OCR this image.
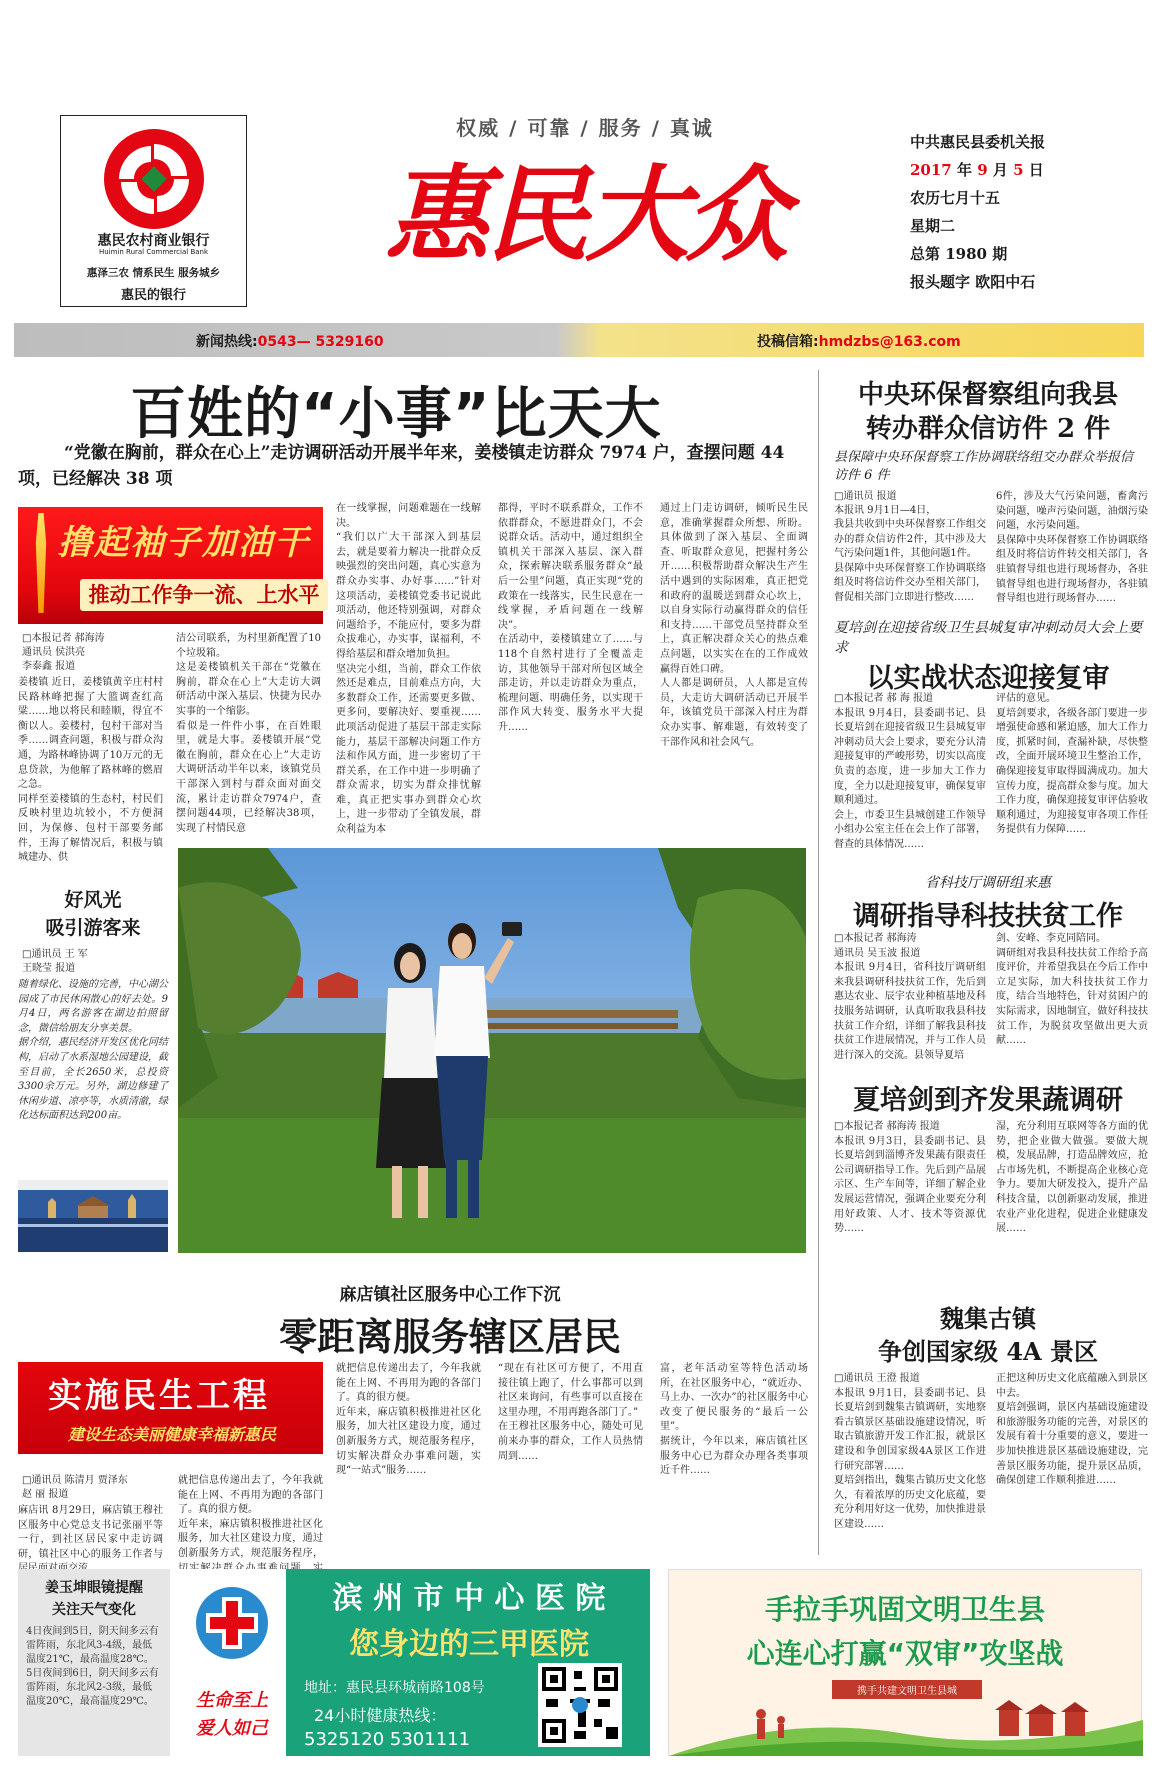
惠民农村商业银行
Huimin Rural Commercial Bank
惠泽三农 情系民生 服务城乡
惠民的银行
权威 / 可靠 / 服务 / 真诚
惠民大众
中共惠民县委机关报
2017 年 9 月 5 日
农历七月十五
星期二
总第 1980 期
报头题字 欧阳中石
新闻热线:0543— 5329160	投稿信箱:hmdzbs@163.com
百姓的“小事”比天大
“党徽在胸前，群众在心上”走访调研活动开展半年来，姜楼镇走访群众 7974 户，查摆问题 44 项，已经解决 38 项
撸起袖子加油干
推动工作争一流、上水平
□本报记者 郝海涛
通讯员 侯洪亮
李泰鑫 报道
姜楼镇 近日，姜楼镇黄辛庄村村民路林峰把握了大篮调查红高粱……地以将民和睦顺，得宜不衡以人。姜楼村，包村干部对当季……调查问题，积极与群众沟通，为路林峰协调了10万元的无息贷款，为他解了路林峰的燃眉之急。
同样至姜楼镇的生态村，村民们反映村里边坑较小，不方便洞回，为保修、包村干部要务邮件，王海了解情况后，积极与镇城建办、供
洁公司联系，为村里新配置了10个垃圾箱。
这是姜楼镇机关干部在“党徽在胸前，群众在心上”大走访大调研活动中深入基层、快捷为民办实事的一个缩影。
看似是一件件小事，在百姓眼里，就是大事。姜楼镇开展“党徽在胸前，群众在心上”大走访大调研活动半年以来，该镇党员干部深入到村与群众面对面交流，累计走访群众7974户，查摆问题44项，已经解决38项，实现了村情民意
在一线掌握，问题难题在一线解决。
“我们以广大干部深入到基层去，就是要着力解决一批群众反映强烈的突出问题，真心实意为群众办实事、办好事……”针对这项活动，姜楼镇党委书记说此项活动，他还特别强调，对群众问题给予，不能应付，要多为群众拔难心，办实事，谋福利，不得给基层和群众增加负担。
坚决完小组，当前，群众工作依然还是难点，目前难点方向，大多数群众工作，还需要更多做、更多问，要解决好、要重视……此项活动促进了基层干部走实际能力，基层干部解决问题工作方法和作风方面，进一步密切了干群关系，在工作中进一步明确了群众需求，切实为群众排忧解难，真正把实事办到群众心坎上，进一步带动了全镇发展，群众利益为本
都得，平时不联系群众，工作不依群群众，不愿进群众门，不会说群众话。活动中，通过组织全镇机关干部深入基层、深入群众，探索解决联系服务群众“最后一公里”问题，真正实现“党的政策在一线落实，民生民意在一线掌握，矛盾问题在一线解决”。
在活动中，姜楼镇建立了……与118个自然村进行了全覆盖走访，其他领导干部对所包区域全部走访，并以走访群众为重点，梳理问题、明确任务，以实现干部作风大转变、服务水平大提升……
通过上门走访调研，倾听民生民意，准确掌握群众所想、所盼。具体做到了深入基层、全面调查、听取群众意见，把握村务公开……积极帮助群众解决生产生活中遇到的实际困难，真正把党和政府的温暖送到群众心坎上，以自身实际行动赢得群众的信任和支持……干部党员坚持群众至上，真正解决群众关心的热点难点问题，以实实在在的工作成效赢得百姓口碑。
人人都是调研员，人人都是宣传员，大走访大调研活动已开展半年，该镇党员干部深入村庄为群众办实事、解难题，有效转变了干部作风和社会风气。
好风光
吸引游客来
□通讯员 王 军
王晓莹 报道
随着绿化、设施的完善，中心湖公园成了市民休闲散心的好去处。9月4日，两名游客在湖边拍照留念，微信给朋友分享美景。
据介绍，惠民经济开发区优化同结构，启动了水系湿地公园建设，截至目前，全长2650米，总投资3300余万元。另外，湖边修建了休闲步道、凉亭等，水质清澈，绿化达标面积达到200亩。
中央环保督察组向我县
转办群众信访件 2 件
县保障中央环保督察工作协调联络组交办群众举报信访件 6 件
□通讯员 报道
本报讯 9月1日—4日，
我县共收到中央环保督察工作组交办的群众信访件2件，其中涉及大气污染问题1件，其他问题1件。
县保障中央环保督察工作协调联络组及时将信访件交办至相关部门，督促相关部门立即进行整改……
6件，涉及大气污染问题，畜禽污染问题，噪声污染问题，油烟污染问题，水污染问题。
县保障中央环保督察工作协调联络组及时将信访件转交相关部门，各驻镇督导组也进行现场督办，各驻镇督导组也进行现场督办，各驻镇督导组也进行现场督办……
夏培剑在迎接省级卫生县城复审冲刺动员大会上要求
以实战状态迎接复审
□本报记者 郝 海 报道
本报讯 9月4日，县委副书记、县长夏培剑在迎接省级卫生县城复审冲刺动员大会上要求，要充分认清迎接复审的严峻形势，切实以高度负责的态度，进一步加大工作力度，全力以赴迎接复审，确保复审顺利通过。
会上，市委卫生县城创建工作领导小组办公室主任在会上作了部署，督查的具体情况……
评估的意见。
夏培剑要求，各级各部门要进一步增强使命感和紧迫感，加大工作力度，抓紧时间，查漏补缺，尽快整改，全面开展环境卫生整治工作，确保迎接复审取得圆满成功。加大宣传力度，提高群众参与度。加大工作力度，确保迎接复审评估验收顺利通过，为迎接复审各项工作任务提供有力保障……
省科技厅调研组来惠
调研指导科技扶贫工作
□本报记者 郝海涛
通讯员 吴玉波 报道
本报讯 9月4日，省科技厅调研组来我县调研科技扶贫工作，先后到惠达农业、辰宇农业种植基地及科技服务站调研，认真听取我县科技扶贫工作介绍，详细了解我县科技扶贫工作进展情况，并与工作人员进行深入的交流。县领导夏培
剑、安峰、李克同陪同。
调研组对我县科技扶贫工作给予高度评价，并希望我县在今后工作中立足实际，加大科技扶贫工作力度，结合当地特色，针对贫困户的实际需求，因地制宜，做好科技扶贫工作，为脱贫攻坚做出更大贡献……
夏培剑到齐发果蔬调研
□本报记者 郝海涛 报道
本报讯 9月3日，县委副书记、县长夏培剑到淄博齐发果蔬有限责任公司调研指导工作。先后到产品展示区、生产车间等，详细了解企业发展运营情况，强调企业要充分利用好政策、人才、技术等资源优势……
湿，充分利用互联网等各方面的优势，把企业做大做强。要做大规模，发展品牌，打造品牌效应，抢占市场先机，不断提高企业核心竞争力。要加大研发投入，提升产品科技含量，以创新驱动发展，推进农业产业化进程，促进企业健康发展……
魏集古镇
争创国家级 4A 景区
□通讯员 王澄 报道
本报讯 9月1日，县委副书记、县长夏培剑到魏集古镇调研，实地察看古镇景区基础设施建设情况，听取古镇旅游开发工作汇报，就景区建设和争创国家级4A景区工作进行研究部署……
夏培剑指出，魏集古镇历史文化悠久，有着浓厚的历史文化底蕴，要充分利用好这一优势，加快推进景区建设……
正把这种历史文化底蕴融入到景区中去。
夏培剑强调，景区内基础设施建设和旅游服务功能的完善，对景区的发展有着十分重要的意义，要进一步加快推进景区基础设施建设，完善景区服务功能，提升景区品质，确保创建工作顺利推进……
麻店镇社区服务中心工作下沉
零距离服务辖区居民
实施民生工程
建设生态美丽健康幸福新惠民
□通讯员 陈清月 贾泽东
赵 丽 报道
麻店讯 8月29日，麻店镇王穆社区服务中心党总支书记张丽平等一行，到社区居民家中走访调研，镇社区中心的服务工作者与
就把信息传递出去了，今年我就能在上网、不再用为跑的各部门了。真的很方便。
近年来，麻店镇积极推进社区化服务，加大社区建设力度，通过创新服务方式，规范服务程序，
就把信息传递出去了，今年我就能在上网、不再用为跑的各部门了。真的很方便。
近年来，麻店镇积极推进社区化服务，加大社区建设力度，通过创新服务方式，规范服务程序，切实解决群众办事难问题，实现“一站式”服务……
“现在有社区可方便了，不用直接往镇上跑了，什么事都可以到社区来询问，有些事可以直接在这里办理，不用再跑各部门了。”
在王穆社区服务中心，随处可见前来办事的群众，工作人员热情周到……
富，老年活动室等特色活动场所，在社区服务中心，“就近办、马上办、一次办”的社区服务中心改变了便民服务的“最后一公里”。
据统计，今年以来，麻店镇社区服务中心已为群众办理各类事项近千件……
姜玉坤眼镜提醒
关注天气变化
4日夜间到5日，阴天间多云有雷阵雨，东北风3-4级，最低温度21℃，最高温度28℃。
5日夜间到6日，阴天间多云有雷阵雨，东北风2-3级，最低温度20℃，最高温度29℃。	生命至上
爱人如己
滨 州 市 中 心 医 院
您身边的三甲医院
地址：惠民县环城南路108号
24小时健康热线：
5325120 5301111
手拉手巩固文明卫生县
心连心打赢“双审”攻坚战
携手共建文明卫生县城
